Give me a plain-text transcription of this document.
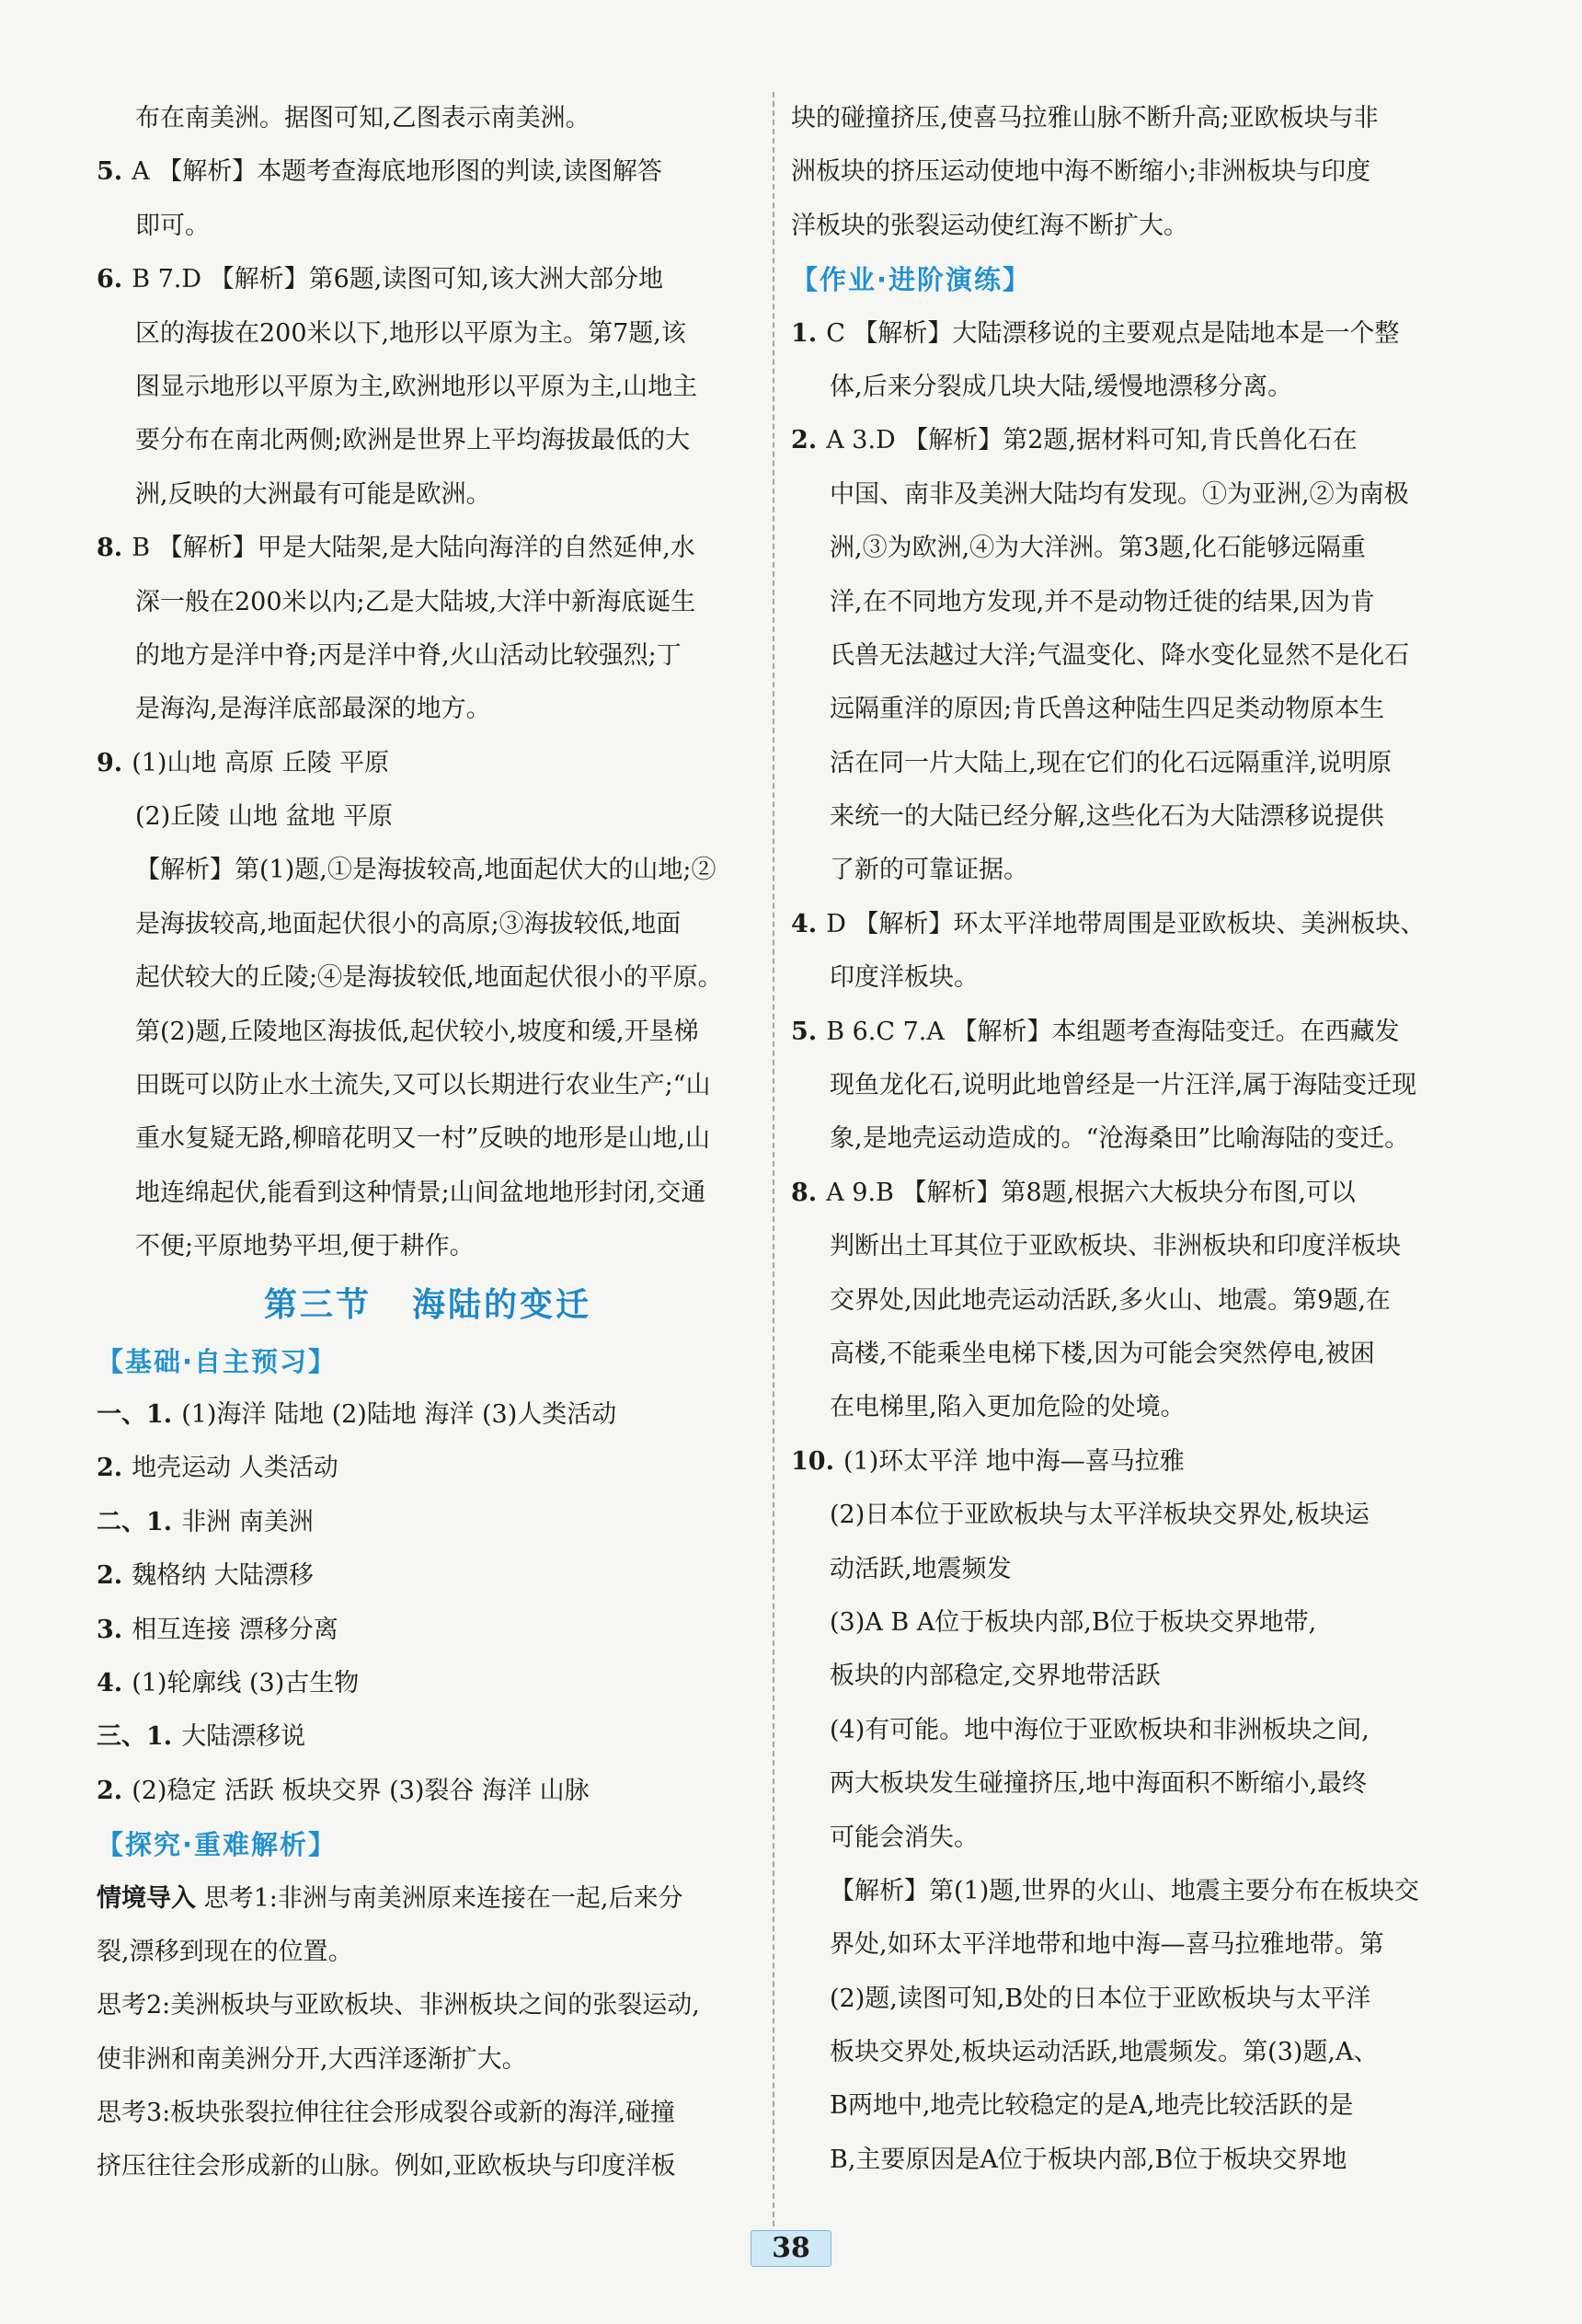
布在南美洲。据图可知,乙图表示南美洲。
5. A 【解析】本题考查海底地形图的判读,读图解答
即可。
6. B 7.D 【解析】第6题,读图可知,该大洲大部分地
区的海拔在200米以下,地形以平原为主。第7题,该
图显示地形以平原为主,欧洲地形以平原为主,山地主
要分布在南北两侧;欧洲是世界上平均海拔最低的大
洲,反映的大洲最有可能是欧洲。
8. B 【解析】甲是大陆架,是大陆向海洋的自然延伸,水
深一般在200米以内;乙是大陆坡,大洋中新海底诞生
的地方是洋中脊;丙是洋中脊,火山活动比较强烈;丁
是海沟,是海洋底部最深的地方。
9. (1)山地 高原 丘陵 平原
(2)丘陵 山地 盆地 平原
【解析】第(1)题,①是海拔较高,地面起伏大的山地;②
是海拔较高,地面起伏很小的高原;③海拔较低,地面
起伏较大的丘陵;④是海拔较低,地面起伏很小的平原。
第(2)题,丘陵地区海拔低,起伏较小,坡度和缓,开垦梯
田既可以防止水土流失,又可以长期进行农业生产;“山
重水复疑无路,柳暗花明又一村”反映的地形是山地,山
地连绵起伏,能看到这种情景;山间盆地地形封闭,交通
不便;平原地势平坦,便于耕作。
第三节 海陆的变迁
【基础·自主预习】
一、1. (1)海洋 陆地 (2)陆地 海洋 (3)人类活动
2. 地壳运动 人类活动
二、1. 非洲 南美洲
2. 魏格纳 大陆漂移
3. 相互连接 漂移分离
4. (1)轮廓线 (3)古生物
三、1. 大陆漂移说
2. (2)稳定 活跃 板块交界 (3)裂谷 海洋 山脉
【探究·重难解析】
情境导入 思考1:非洲与南美洲原来连接在一起,后来分
裂,漂移到现在的位置。
思考2:美洲板块与亚欧板块、非洲板块之间的张裂运动,
使非洲和南美洲分开,大西洋逐渐扩大。
思考3:板块张裂拉伸往往会形成裂谷或新的海洋,碰撞
挤压往往会形成新的山脉。例如,亚欧板块与印度洋板
块的碰撞挤压,使喜马拉雅山脉不断升高;亚欧板块与非
洲板块的挤压运动使地中海不断缩小;非洲板块与印度
洋板块的张裂运动使红海不断扩大。
【作业·进阶演练】
1. C 【解析】大陆漂移说的主要观点是陆地本是一个整
体,后来分裂成几块大陆,缓慢地漂移分离。
2. A 3.D 【解析】第2题,据材料可知,肯氏兽化石在
中国、南非及美洲大陆均有发现。①为亚洲,②为南极
洲,③为欧洲,④为大洋洲。第3题,化石能够远隔重
洋,在不同地方发现,并不是动物迁徙的结果,因为肯
氏兽无法越过大洋;气温变化、降水变化显然不是化石
远隔重洋的原因;肯氏兽这种陆生四足类动物原本生
活在同一片大陆上,现在它们的化石远隔重洋,说明原
来统一的大陆已经分解,这些化石为大陆漂移说提供
了新的可靠证据。
4. D 【解析】环太平洋地带周围是亚欧板块、美洲板块、
印度洋板块。
5. B 6.C 7.A 【解析】本组题考查海陆变迁。在西藏发
现鱼龙化石,说明此地曾经是一片汪洋,属于海陆变迁现
象,是地壳运动造成的。“沧海桑田”比喻海陆的变迁。
8. A 9.B 【解析】第8题,根据六大板块分布图,可以
判断出土耳其位于亚欧板块、非洲板块和印度洋板块
交界处,因此地壳运动活跃,多火山、地震。第9题,在
高楼,不能乘坐电梯下楼,因为可能会突然停电,被困
在电梯里,陷入更加危险的处境。
10. (1)环太平洋 地中海—喜马拉雅
(2)日本位于亚欧板块与太平洋板块交界处,板块运
动活跃,地震频发
(3)A B A位于板块内部,B位于板块交界地带,
板块的内部稳定,交界地带活跃
(4)有可能。地中海位于亚欧板块和非洲板块之间,
两大板块发生碰撞挤压,地中海面积不断缩小,最终
可能会消失。
【解析】第(1)题,世界的火山、地震主要分布在板块交
界处,如环太平洋地带和地中海—喜马拉雅地带。第
(2)题,读图可知,B处的日本位于亚欧板块与太平洋
板块交界处,板块运动活跃,地震频发。第(3)题,A、
B两地中,地壳比较稳定的是A,地壳比较活跃的是
B,主要原因是A位于板块内部,B位于板块交界地
38
